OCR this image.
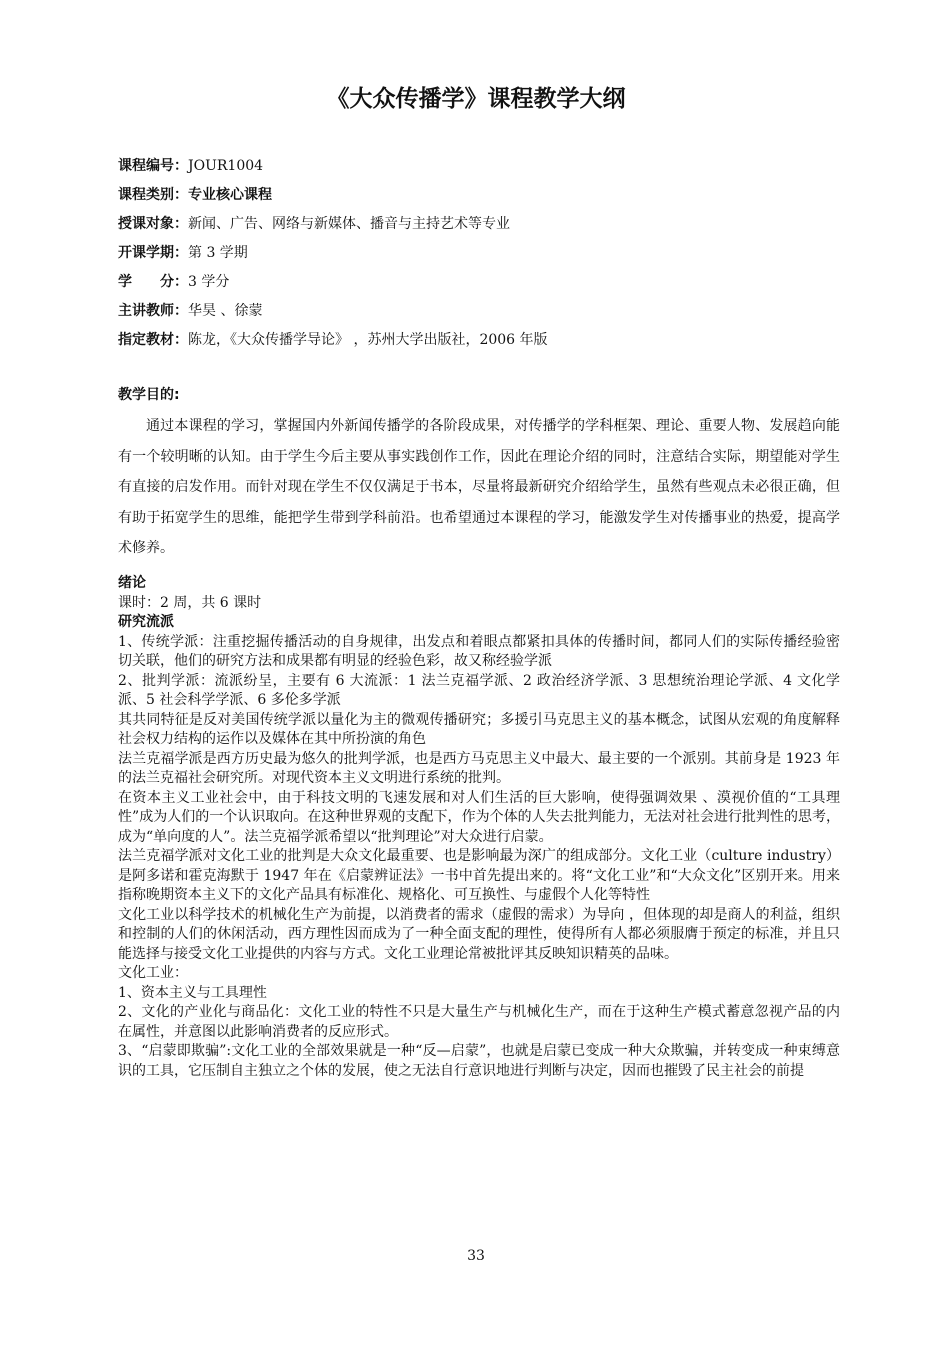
《大众传播学》课程教学大纲
课程编号：JOUR1004
课程类别：专业核心课程
授课对象：新闻、广告、网络与新媒体、播音与主持艺术等专业
开课学期：第 3 学期
学　　分：3 学分
主讲教师：华昊 、徐蒙
指定教材：陈龙，《大众传播学导论》 ，苏州大学出版社，2006 年版
教学目的:

通过本课程的学习，掌握国内外新闻传播学的各阶段成果，对传播学的学科框架、理论、重要人物、发展趋向能有一个较明晰的认知。由于学生今后主要从事实践创作工作，因此在理论介绍的同时，注意结合实际，期望能对学生有直接的启发作用。而针对现在学生不仅仅满足于书本，尽量将最新研究介绍给学生，虽然有些观点未必很正确，但有助于拓宽学生的思维，能把学生带到学科前沿。也希望通过本课程的学习，能激发学生对传播事业的热爱，提高学术修养。

绪论
课时：2 周，共 6 课时
研究流派
1、传统学派：注重挖掘传播活动的自身规律，出发点和着眼点都紧扣具体的传播时间，都同人们的实际传播经验密切关联，他们的研究方法和成果都有明显的经验色彩，故又称经验学派
2、批判学派：流派纷呈，主要有 6 大流派：1 法兰克福学派、2 政治经济学派、3 思想统治理论学派、4 文化学派、5 社会科学学派、6 多伦多学派
其共同特征是反对美国传统学派以量化为主的微观传播研究；多援引马克思主义的基本概念，试图从宏观的角度解释社会权力结构的运作以及媒体在其中所扮演的角色
法兰克福学派是西方历史最为悠久的批判学派，也是西方马克思主义中最大、最主要的一个派别。其前身是 1923 年的法兰克福社会研究所。对现代资本主义文明进行系统的批判。
在资本主义工业社会中，由于科技文明的飞速发展和对人们生活的巨大影响，使得强调效果 、漠视价值的“工具理性”成为人们的一个认识取向。在这种世界观的支配下，作为个体的人失去批判能力，无法对社会进行批判性的思考，成为“单向度的人”。法兰克福学派希望以“批判理论”对大众进行启蒙。
法兰克福学派对文化工业的批判是大众文化最重要、也是影响最为深广的组成部分。文化工业（culture industry）是阿多诺和霍克海默于 1947 年在《启蒙辨证法》一书中首先提出来的。将“文化工业”和“大众文化”区别开来。用来指称晚期资本主义下的文化产品具有标准化、规格化、可互换性、与虚假个人化等特性
文化工业以科学技术的机械化生产为前提，以消费者的需求（虚假的需求）为导向 ，但体现的却是商人的利益，组织和控制的人们的休闲活动，西方理性因而成为了一种全面支配的理性，使得所有人都必须服膺于预定的标准，并且只能选择与接受文化工业提供的内容与方式。文化工业理论常被批评其反映知识精英的品味。
文化工业：
1、资本主义与工具理性
2、文化的产业化与商品化：文化工业的特性不只是大量生产与机械化生产，而在于这种生产模式蓄意忽视产品的内在属性，并意图以此影响消费者的反应形式。
3、“启蒙即欺骗”:文化工业的全部效果就是一种“反—启蒙”，也就是启蒙已变成一种大众欺骗，并转变成一种束缚意识的工具，它压制自主独立之个体的发展，使之无法自行意识地进行判断与决定，因而也摧毁了民主社会的前提
33
